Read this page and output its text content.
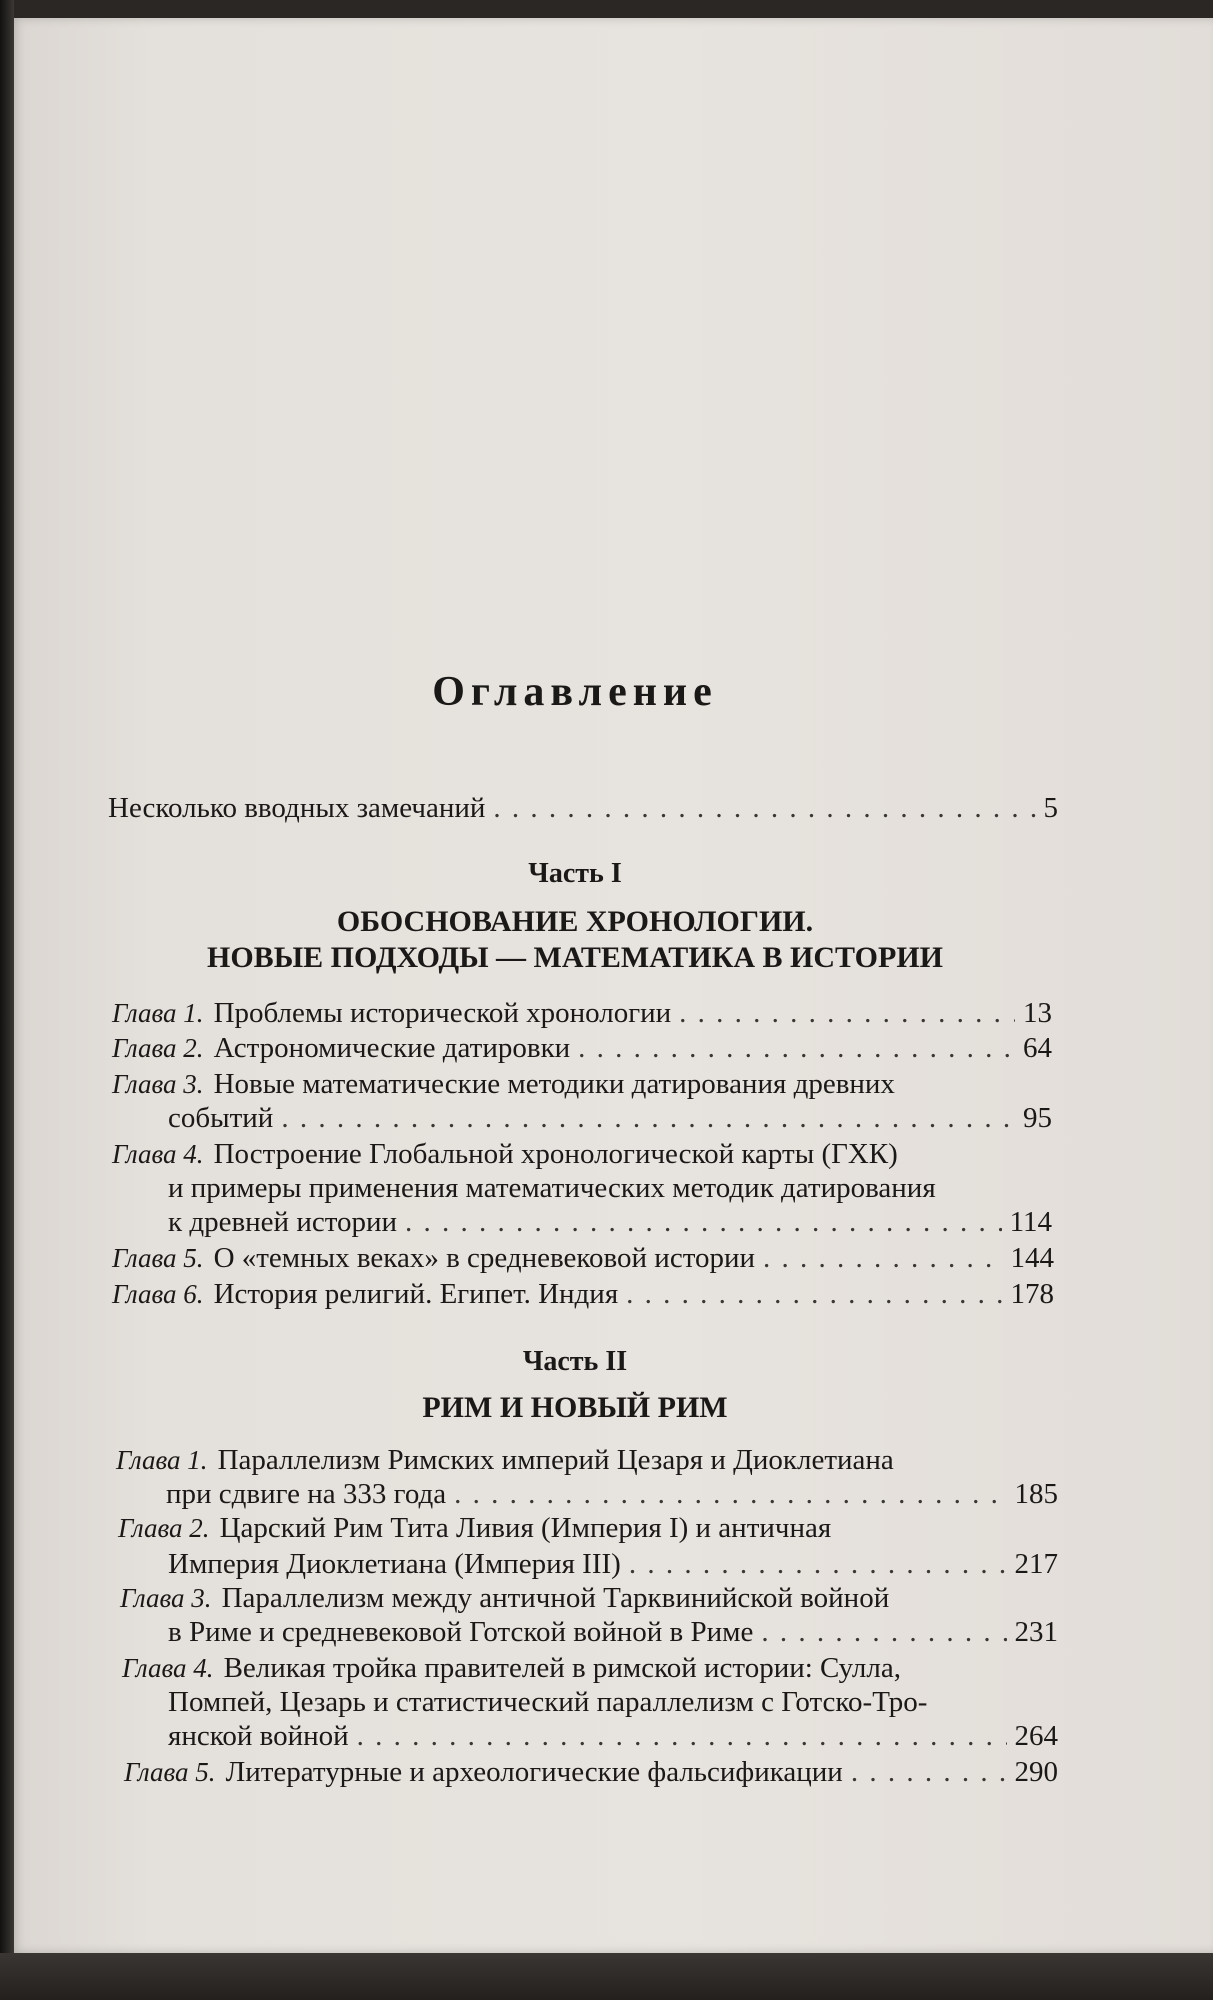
Оглавление
Несколько вводных замечаний . . .	5
Часть I
ОБОСНОВАНИЕ ХРОНОЛОГИИ.
НОВЫЕ ПОДХОДЫ — МАТЕМАТИКА В ИСТОРИИ
Глава 1. Проблемы исторической хронологии . . .	13
Глава 2. Астрономические датировки . . .	64
Глава 3. Новые математические методики датирования древних
событий . . .	95
Глава 4. Построение Глобальной хронологической карты (ГХК)
и примеры применения математических методик датирования
к древней истории . . .	114
Глава 5. О «темных веках» в средневековой истории . . .	144
Глава 6. История религий. Египет. Индия . . .	178
Часть II
РИМ И НОВЫЙ РИМ
Глава 1. Параллелизм Римских империй Цезаря и Диоклетиана
при сдвиге на 333 года . . .	185
Глава 2. Царский Рим Тита Ливия (Империя I) и античная
Империя Диоклетиана (Империя III) . . .	217
Глава 3. Параллелизм между античной Тарквинийской войной
в Риме и средневековой Готской войной в Риме . . .	231
Глава 4. Великая тройка правителей в римской истории: Сулла,
Помпей, Цезарь и статистический параллелизм с Готско-Тро-
янской войной . . .	264
Глава 5. Литературные и археологические фальсификации . . .	290
